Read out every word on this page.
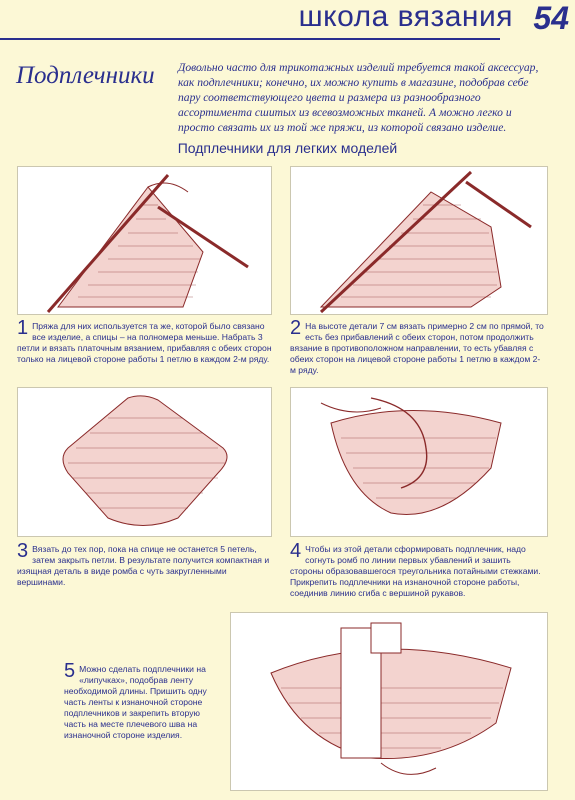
школа вязания 54
Подплечники Довольно часто для трикотажных изделий требуется такой аксессуар, как подплечники; конечно, их можно купить в магазине, подобрав себе пару соответствующего цвета и размера из разнообразного ассортимента сшитых из всевозможных тканей. А можно легко и просто связать их из той же пряжи, из которой связано изделие.
Подплечники для легких моделей
1 Пряжа для них используется та же, которой было связано все изделие, а спицы – на полномера меньше. Набрать 3 петли и вязать платочным вязанием, прибавляя с обеих сторон только на лицевой стороне работы 1 петлю в каждом 2-м ряду.
2 На высоте детали 7 см вязать примерно 2 см по прямой, то есть без прибавлений с обеих сторон, потом продолжить вязание в противоположном направлении, то есть убавляя с обеих сторон на лицевой стороне работы 1 петлю в каждом 2-м ряду.
3 Вязать до тех пор, пока на спице не останется 5 петель, затем закрыть петли. В результате получится компактная и изящная деталь в виде ромба с чуть закругленными вершинами.
4 Чтобы из этой детали сформировать подплечник, надо согнуть ромб по линии первых убавлений и зашить стороны образовавшегося треугольника потайными стежками. Прикрепить подплечники на изнаночной стороне работы, соединив линию сгиба с вершиной рукавов.
5 Можно сделать подплечники на «липучках», подобрав ленту необходимой длины. Пришить одну часть ленты к изнаночной стороне подплечников и закрепить вторую часть на месте плечевого шва на изнаночной стороне изделия.
